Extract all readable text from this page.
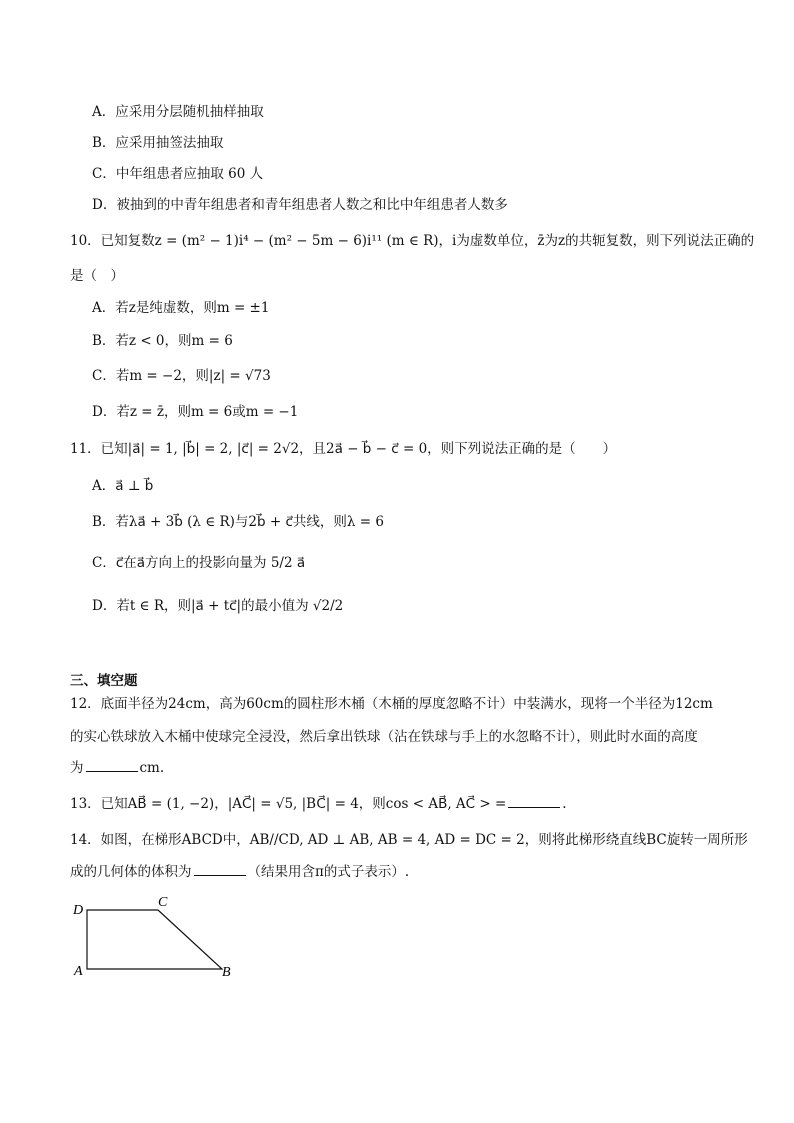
A．应采用分层随机抽样抽取
B．应采用抽签法抽取
C．中年组患者应抽取 60 人
D．被抽到的中青年组患者和青年组患者人数之和比中年组患者人数多
10．已知复数z = (m² − 1)i⁴ − (m² − 5m − 6)i¹¹ (m ∈ R)，i为虚数单位，z̄为z的共轭复数，则下列说法正确的
是（　）
A．若z是纯虚数，则m = ±1
B．若z < 0，则m = 6
C．若m = −2，则|z| = √73
D．若z = z̄，则m = 6或m = −1
11．已知|a⃗| = 1, |b⃗| = 2, |c⃗| = 2√2，且2a⃗ − b⃗ − c⃗ = 0，则下列说法正确的是（　　）
A．a⃗ ⊥ b⃗
B．若λa⃗ + 3b⃗ (λ ∈ R)与2b⃗ + c⃗共线，则λ = 6
C．c⃗在a⃗方向上的投影向量为 5/2 a⃗
D．若t ∈ R，则|a⃗ + tc⃗|的最小值为 √2/2
三、填空题
12．底面半径为24cm，高为60cm的圆柱形木桶（木桶的厚度忽略不计）中装满水，现将一个半径为12cm
的实心铁球放入木桶中使球完全浸没，然后拿出铁球（沾在铁球与手上的水忽略不计），则此时水面的高度
为	cm.
13．已知AB⃗ = (1, −2)，|AC⃗| = √5, |BC⃗| = 4，则cos < AB⃗, AC⃗ > =	.
14．如图，在梯形ABCD中，AB//CD, AD ⊥ AB, AB = 4, AD = DC = 2，则将此梯形绕直线BC旋转一周所形
成的几何体的体积为	（结果用含π的式子表示）.
D
C
A	B
